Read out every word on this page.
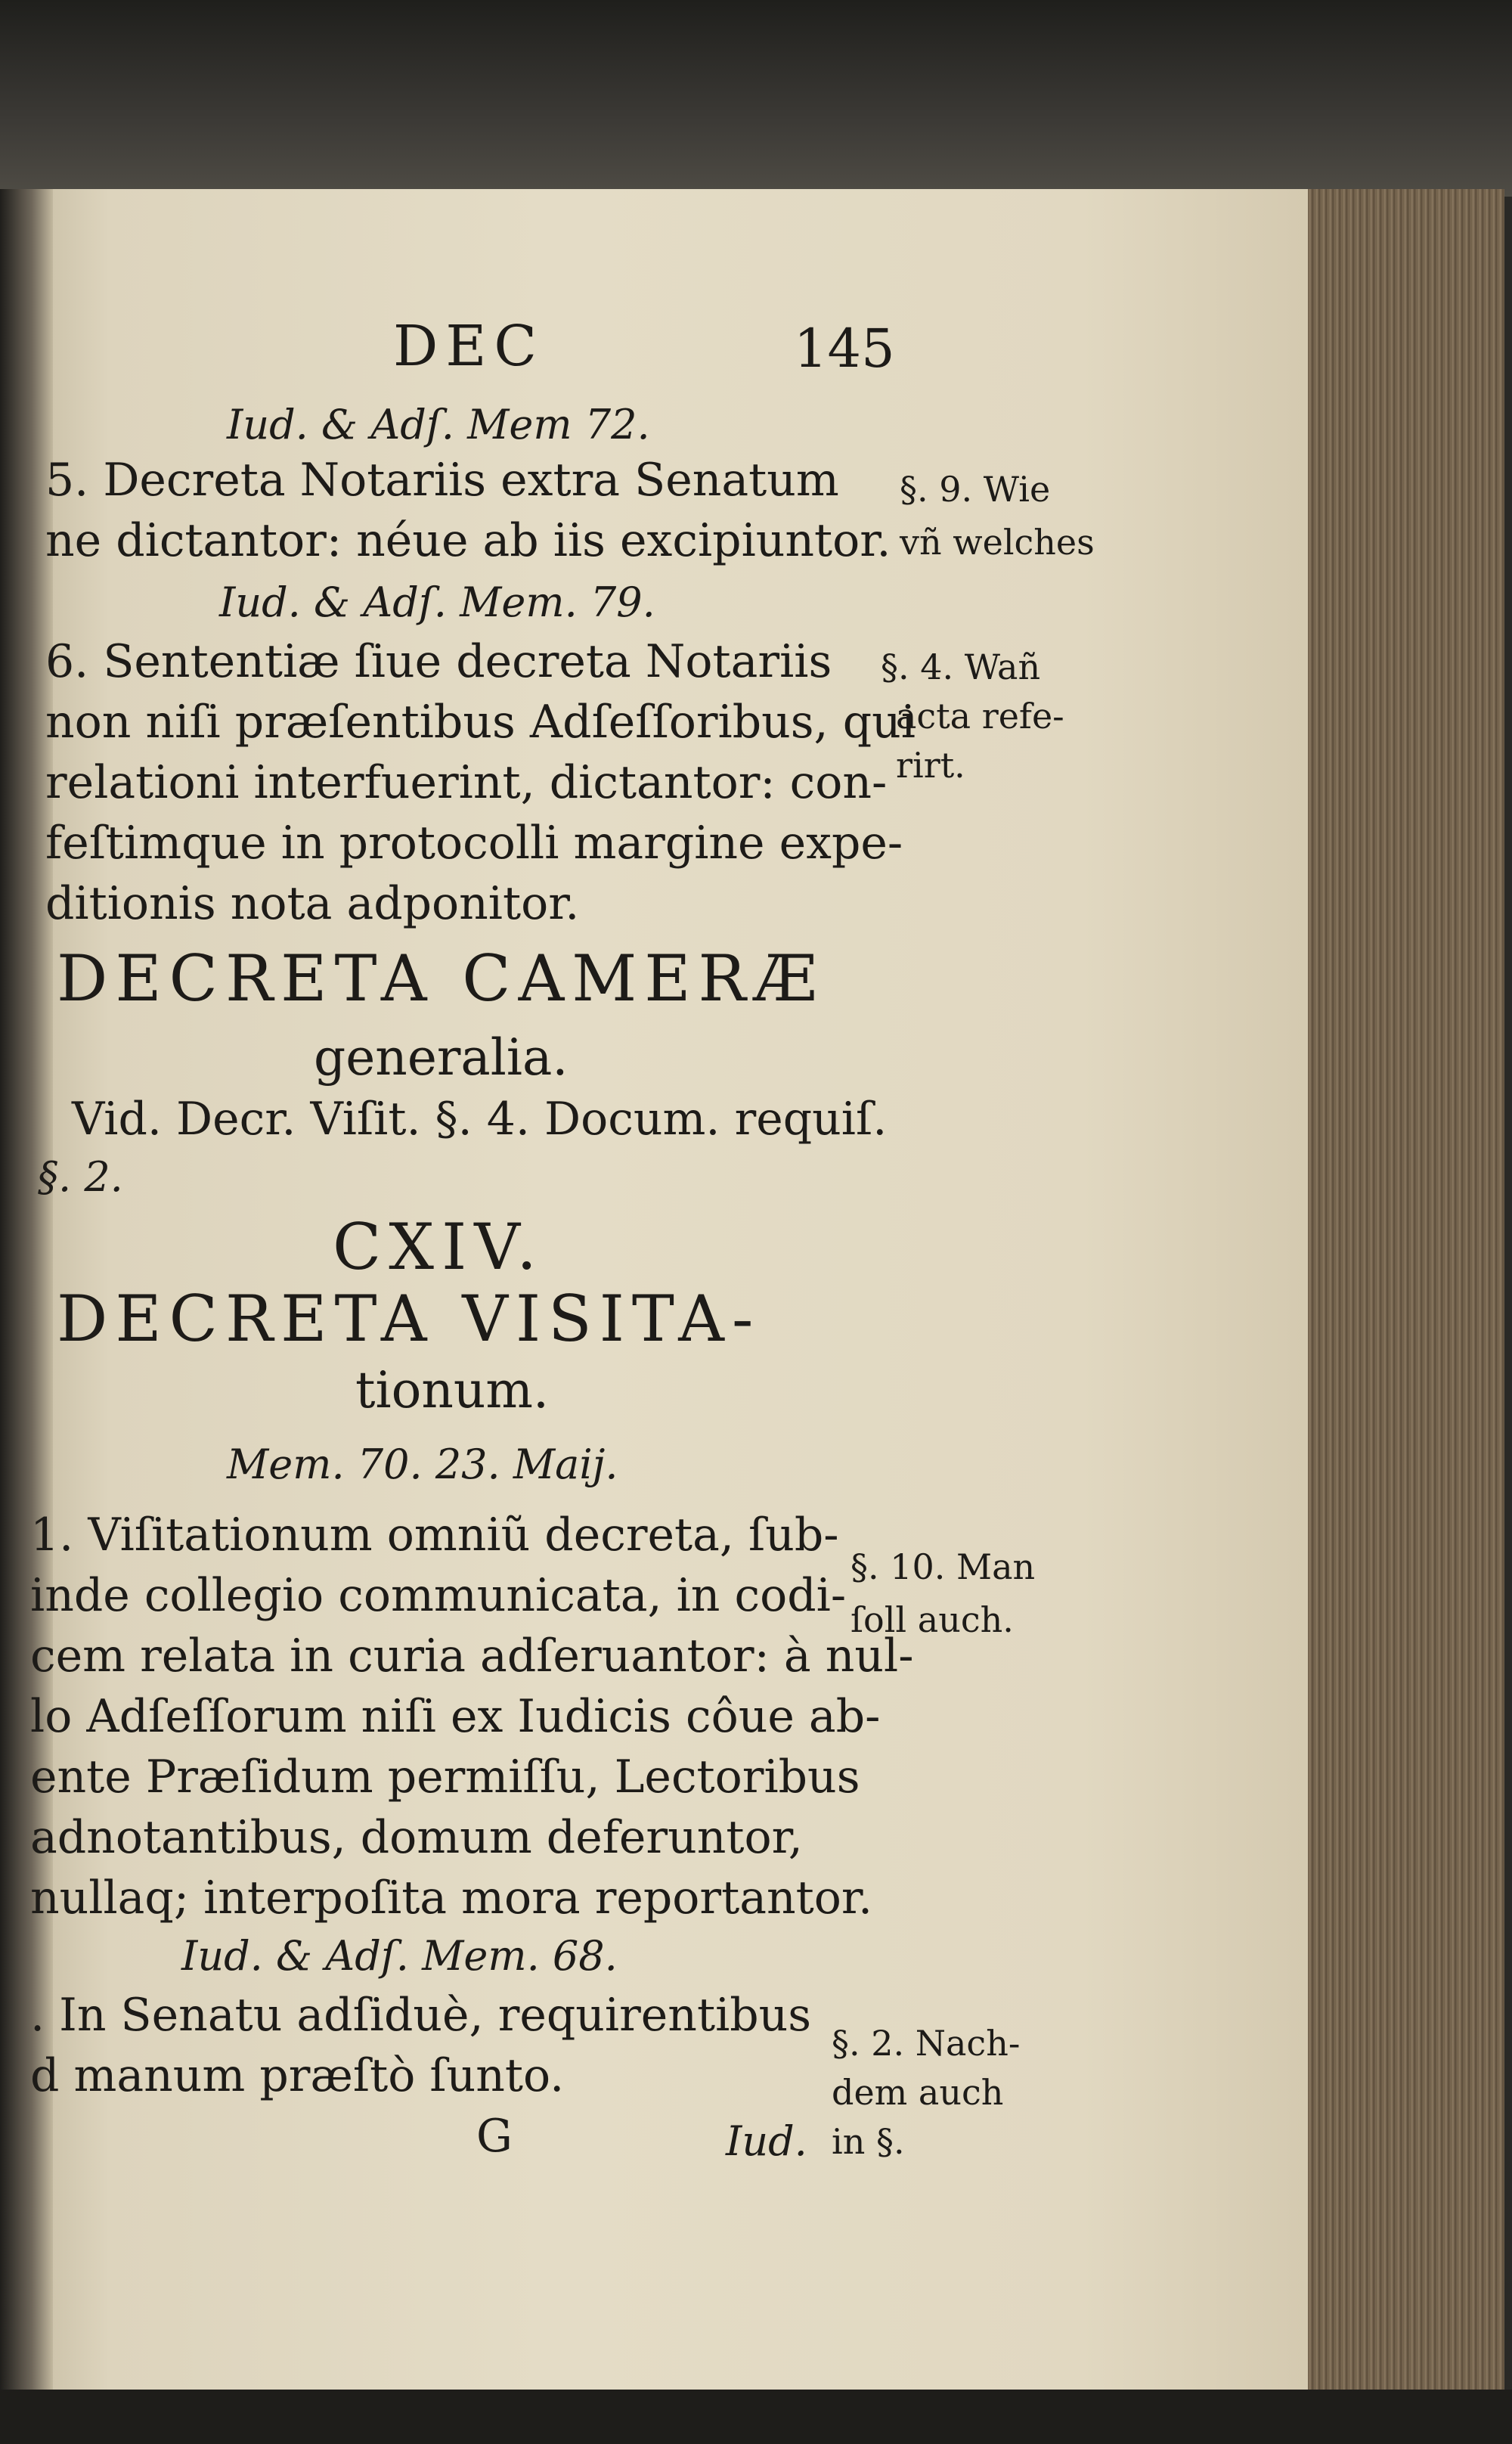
DEC	145
Iud. & Adſ. Mem 72.
5. Decreta Notariis extra Senatum
ne dictantor: néue ab iis excipiuntor.
Iud. & Adſ. Mem. 79.
6. Sententiæ ſiue decreta Notariis
non niſi præſentibus Adſeſſoribus, qui
relationi interfuerint, dictantor: con-
feſtimque in protocolli margine expe-
ditionis nota adponitor.
DECRETA CAMERÆ
generalia.
Vid. Decr. Viſit. §. 4. Docum. requiſ.
§. 2.
CXIV.
DECRETA VISITA-
tionum.
Mem. 70. 23. Maij.
1. Viſitationum omniũ decreta, ſub-
inde collegio communicata, in codi-
cem relata in curia adſeruantor: à nul-
lo Adſeſſorum niſi ex Iudicis côue ab-
ente Præſidum permiſſu, Lectoribus
adnotantibus, domum deferuntor,
nullaq; interpoſita mora reportantor.
Iud. & Adſ. Mem. 68.
. In Senatu adſiduè, requirentibus
d manum præſtò ſunto.
G	Iud.
§. 9. Wie
vñ welches
§. 4. Wañ
acta refe-
rirt.
§. 10. Man
ſoll auch.
§. 2. Nach-
dem auch
in §.
